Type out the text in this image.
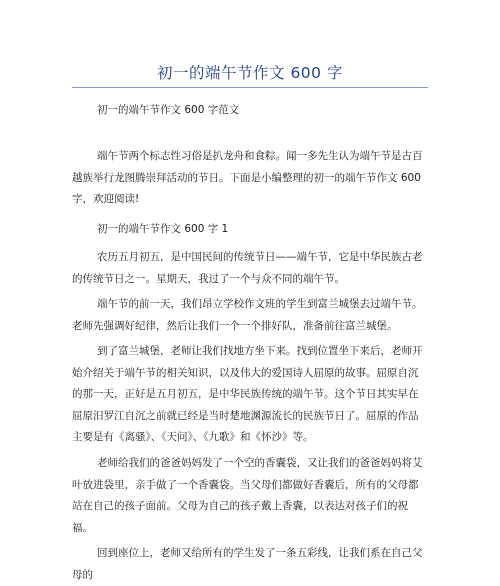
初一的端午节作文 600 字

初一的端午节作文 600 字范文

端午节两个标志性习俗是扒龙舟和食粽。闻一多先生认为端午节是古百越族举行龙图腾崇拜活动的节日。下面是小编整理的初一的端午节作文 600 字，欢迎阅读!

初一的端午节作文 600 字 1

农历五月初五，是中国民间的传统节日——端午节，它是中华民族古老的传统节日之一。星期天，我过了一个与众不同的端午节。

端午节的前一天，我们昂立学校作文班的学生到富兰城堡去过端午节。老师先强调好纪律，然后让我们一个一个排好队，准备前往富兰城堡。

到了富兰城堡，老师让我们找地方坐下来。找到位置坐下来后，老师开始介绍关于端午节的相关知识，以及伟大的爱国诗人屈原的故事。屈原自沉的那一天，正好是五月初五，是中华民族传统的端午节。这个节日其实早在屈原汨罗江自沉之前就已经是当时楚地渊源流长的民族节日了。屈原的作品主要是有《离骚》、《天问》、《九歌》和《怀沙》等。

老师给我们的爸爸妈妈发了一个空的香囊袋，又让我们的爸爸妈妈将艾叶放进袋里，亲手做了一个香囊袋。当父母们都做好香囊后，所有的父母都站在自己的孩子面前。父母为自己的孩子戴上香囊，以表达对孩子们的祝福。

回到座位上，老师又给所有的学生发了一条五彩线，让我们系在自己父母的
